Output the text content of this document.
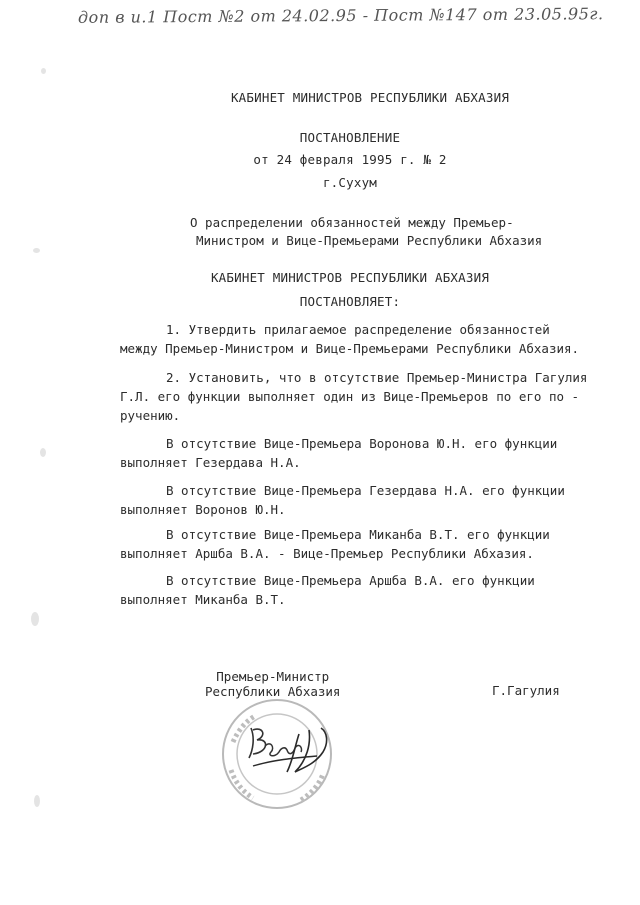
доп в и.1 Пост №2 от 24.02.95 - Пост №147 от 23.05.95г.
КАБИНЕТ МИНИСТРОВ РЕСПУБЛИКИ АБХАЗИЯ
ПОСТАНОВЛЕНИЕ
от 24 февраля 1995 г. № 2
г.Сухум
О распределении обязанностей между Премьер-
Министром и Вице-Премьерами Республики Абхазия
КАБИНЕТ МИНИСТРОВ РЕСПУБЛИКИ АБХАЗИЯ
ПОСТАНОВЛЯЕТ:
1. Утвердить прилагаемое распределение обязанностей
между Премьер-Министром и Вице-Премьерами Республики Абхазия.
2. Установить, что в отсутствие Премьер-Министра Гагулия
Г.Л. его функции выполняет один из Вице-Премьеров по его по -
ручению.
В отсутствие Вице-Премьера Воронова Ю.Н. его функции
выполняет Гезердава Н.А.
В отсутствие Вице-Премьера Гезердава Н.А. его функции
выполняет Воронов Ю.Н.
В отсутствие Вице-Премьера Миканба В.Т. его функции
выполняет Аршба В.А. - Вице-Премьер Республики Абхазия.
В отсутствие Вице-Премьера Аршба В.А. его функции
выполняет Миканба В.Т.
Премьер-Министр
Республики Абхазия	Г.Гагулия
